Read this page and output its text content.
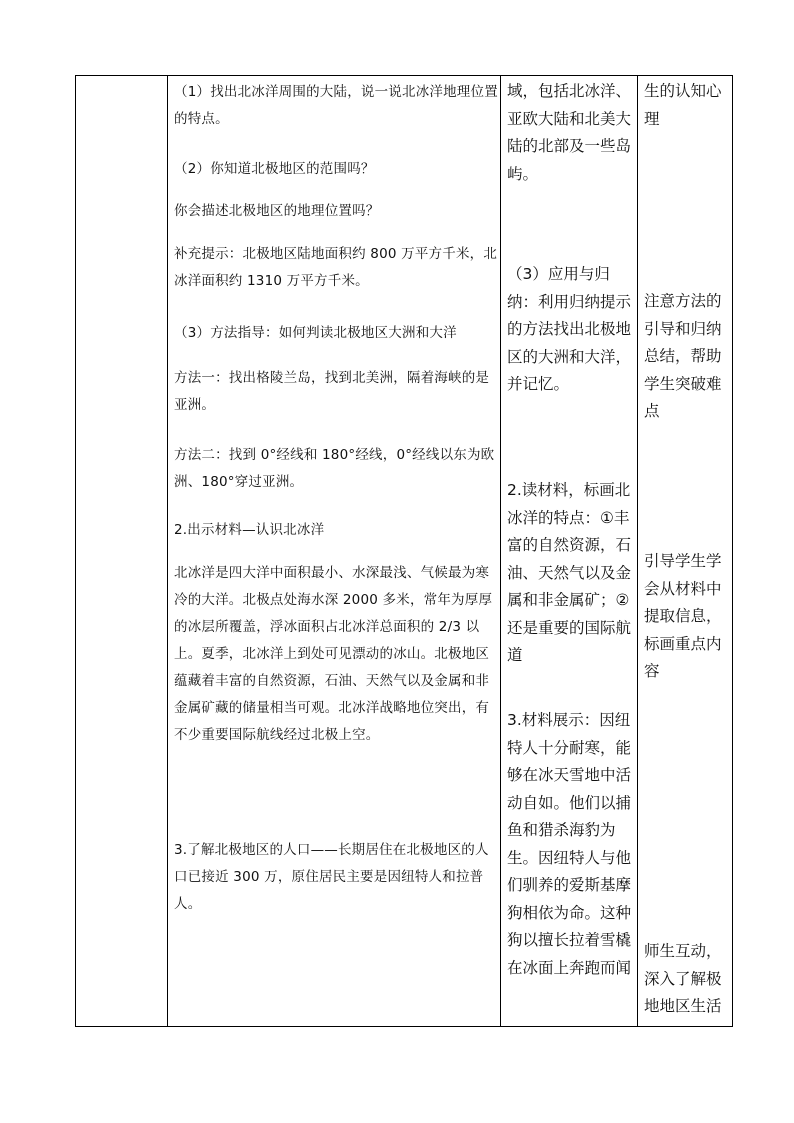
（1）找出北冰洋周围的大陆，说一说北冰洋地理位置的特点。

（2）你知道北极地区的范围吗？

你会描述北极地区的地理位置吗？

补充提示：北极地区陆地面积约 800 万平方千米，北冰洋面积约 1310 万平方千米。

（3）方法指导：如何判读北极地区大洲和大洋

方法一：找出格陵兰岛，找到北美洲，隔着海峡的是亚洲。

方法二：找到 0°经线和 180°经线，0°经线以东为欧洲、180°穿过亚洲。

2.出示材料—认识北冰洋

北冰洋是四大洋中面积最小、水深最浅、气候最为寒冷的大洋。北极点处海水深 2000 多米，常年为厚厚的冰层所覆盖，浮冰面积占北冰洋总面积的 2/3 以上。夏季，北冰洋上到处可见漂动的冰山。北极地区蕴藏着丰富的自然资源，石油、天然气以及金属和非金属矿藏的储量相当可观。北冰洋战略地位突出，有不少重要国际航线经过北极上空。

3.了解北极地区的人口——长期居住在北极地区的人口已接近 300 万，原住居民主要是因纽特人和拉普人。

域，包括北冰洋、亚欧大陆和北美大陆的北部及一些岛屿。

（3）应用与归纳：利用归纳提示的方法找出北极地区的大洲和大洋，并记忆。

2.读材料，标画北冰洋的特点：①丰富的自然资源，石油、天然气以及金属和非金属矿；②还是重要的国际航道

3.材料展示：因纽特人十分耐寒，能够在冰天雪地中活动自如。他们以捕鱼和猎杀海豹为生。因纽特人与他们驯养的爱斯基摩狗相依为命。这种狗以擅长拉着雪橇在冰面上奔跑而闻

生的认知心理

注意方法的引导和归纳总结，帮助学生突破难点

引导学生学会从材料中提取信息，标画重点内容

师生互动，深入了解极地地区生活
